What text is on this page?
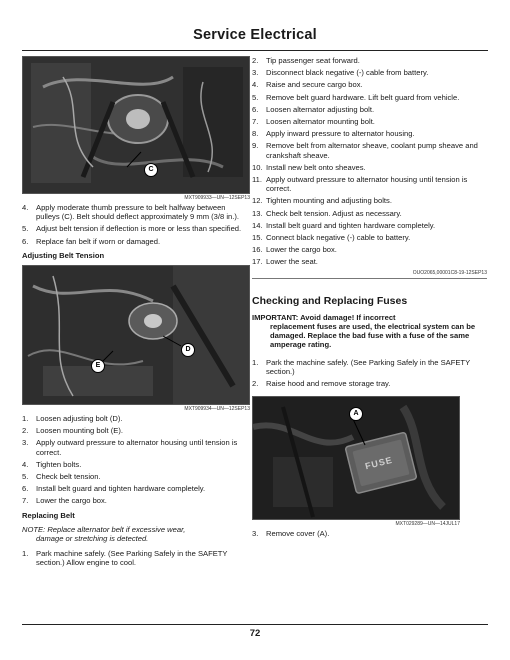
Service Electrical
C
MXT909933—UN—12SEP13
4.	Apply moderate thumb pressure to belt halfway between pulleys (C). Belt should deflect approximately 9 mm (3/8 in.).
5.	Adjust belt tension if deflection is more or less than specified.
6.	Replace fan belt if worn or damaged.
Adjusting Belt Tension
D
E
MXT909934—UN—12SEP13
1.	Loosen adjusting bolt (D).
2.	Loosen mounting bolt (E).
3.	Apply outward pressure to alternator housing until tension is correct.
4.	Tighten bolts.
5.	Check belt tension.
6.	Install belt guard and tighten hardware completely.
7.	Lower the cargo box.
Replacing Belt
NOTE: Replace alternator belt if excessive wear,
damage or stretching is detected.
1.	Park machine safely. (See Parking Safely in the SAFETY section.) Allow engine to cool.
2.	Tip passenger seat forward.
3.	Disconnect black negative (-) cable from battery.
4.	Raise and secure cargo box.
5.	Remove belt guard hardware. Lift belt guard from vehicle.
6.	Loosen alternator adjusting bolt.
7.	Loosen alternator mounting bolt.
8.	Apply inward pressure to alternator housing.
9.	Remove belt from alternator sheave, coolant pump sheave and crankshaft sheave.
10. Install new belt onto sheaves.
11. Apply outward pressure to alternator housing until tension is correct.
12. Tighten mounting and adjusting bolts.
13. Check belt tension. Adjust as necessary.
14. Install belt guard and tighten hardware completely.
15. Connect black negative (-) cable to battery.
16. Lower the cargo box.
17. Lower the seat.
OUO2065,00001C8-19-12SEP13
Checking and Replacing Fuses
IMPORTANT: Avoid damage! If incorrect
replacement fuses are used, the electrical system can be damaged. Replace the bad fuse with a fuse of the same amperage rating.
1.	Park the machine safely. (See Parking Safely in the SAFETY section.)
2.	Raise hood and remove storage tray.
FUSE
A
MXT029289—UN—14JUL17
3.	Remove cover (A).
72
